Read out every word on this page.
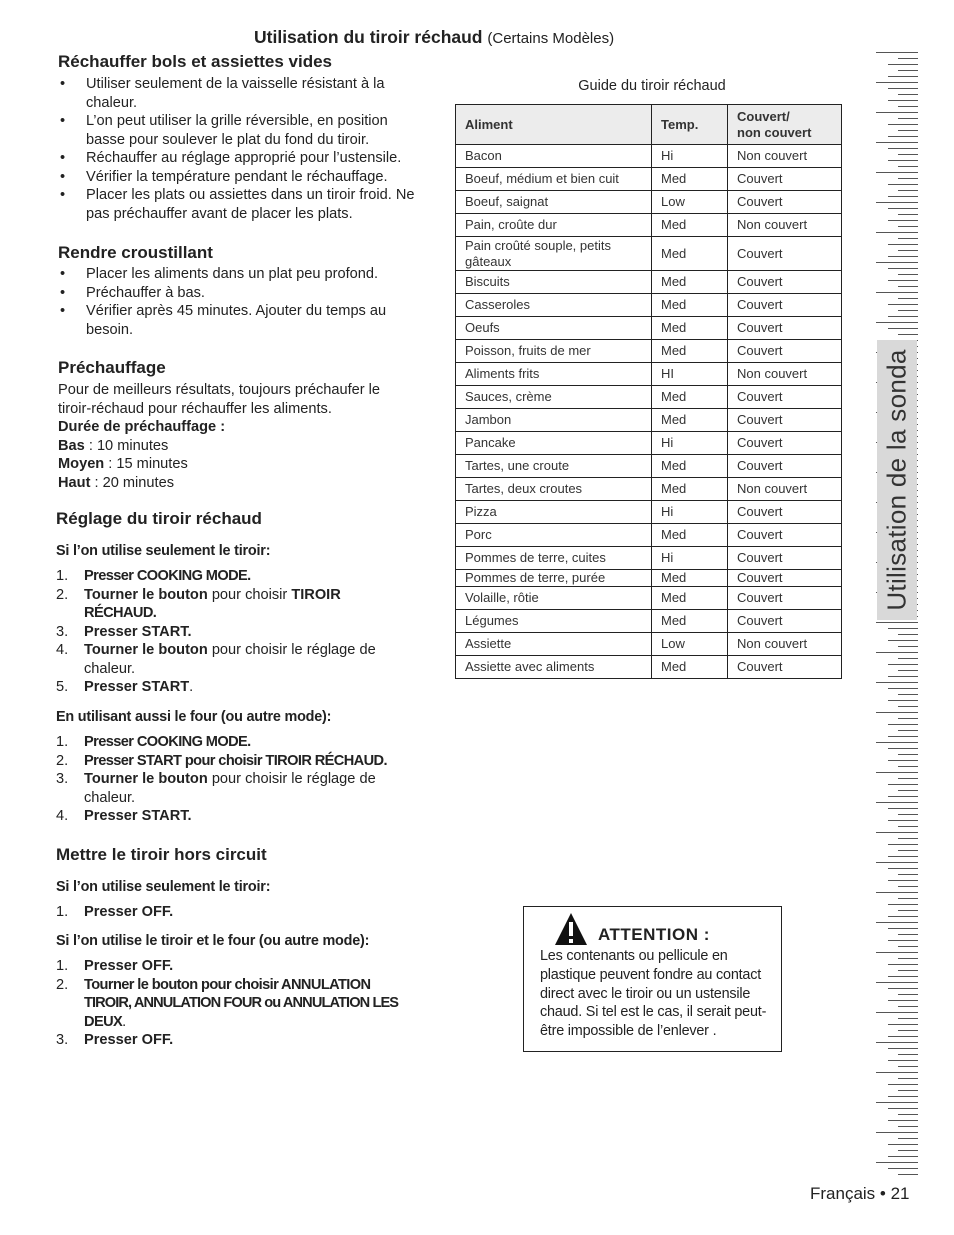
Utilisation du tiroir réchaud (Certains Modèles)
Réchauffer bols et assiettes vides
• Utiliser seulement de la vaisselle résistant à la
chaleur.
• L’on peut utiliser la grille réversible, en position
basse pour soulever le plat du fond du tiroir.
• Réchauffer au réglage approprié pour l’ustensile.
• Vérifier la température pendant le réchauffage.
• Placer les plats ou assiettes dans un tiroir froid. Ne
pas préchauffer avant de placer les plats.
Rendre croustillant
• Placer les aliments dans un plat peu profond.
• Préchauffer à bas.
• Vérifier après 45 minutes. Ajouter du temps au
besoin.
Préchauffage
Pour de meilleurs résultats, toujours préchaufer le
tiroir-réchaud pour réchauffer les aliments.
Durée de préchauffage :
Bas : 10 minutes
Moyen : 15 minutes
Haut : 20 minutes
Réglage du tiroir réchaud
Si l’on utilise seulement le tiroir:
1. Presser COOKING MODE.
2. Tourner le bouton pour choisir TIROIR
RÉCHAUD.
3. Presser START.
4. Tourner le bouton pour choisir le réglage de
chaleur.
5. Presser START.
En utilisant aussi le four (ou autre mode):
1. Presser COOKING MODE.
2. Presser START pour choisir TIROIR RÉCHAUD.
3. Tourner le bouton pour choisir le réglage de
chaleur.
4. Presser START.
Mettre le tiroir hors circuit
Si l’on utilise seulement le tiroir:
1. Presser OFF.
Si l’on utilise le tiroir et le four (ou autre mode):
1. Presser OFF.
2. Tourner le bouton pour choisir ANNULATION
TIROIR, ANNULATION FOUR ou ANNULATION LES
DEUX.
3. Presser OFF.
Guide du tiroir réchaud
Aliment	Temp.	Couvert/
non couvert
Bacon	Hi	Non couvert
Boeuf, médium et bien cuit	Med	Couvert
Boeuf, saignat	Low	Couvert
Pain, croûte dur	Med	Non couvert
Pain croûté souple, petits
gâteaux	Med	Couvert
Biscuits	Med	Couvert
Casseroles	Med	Couvert
Oeufs	Med	Couvert
Poisson, fruits de mer	Med	Couvert
Aliments frits	HI	Non couvert
Sauces, crème	Med	Couvert
Jambon	Med	Couvert
Pancake	Hi	Couvert
Tartes, une croute	Med	Couvert
Tartes, deux croutes	Med	Non couvert
Pizza	Hi	Couvert
Porc	Med	Couvert
Pommes de terre, cuites	Hi	Couvert
Pommes de terre, purée	Med	Couvert
Volaille, rôtie	Med	Couvert
Légumes	Med	Couvert
Assiette	Low	Non couvert
Assiette avec aliments	Med	Couvert
Utilisation de la sonda
ATTENTION :
Les contenants ou pellicule en
plastique peuvent fondre au contact
direct avec le tiroir ou un ustensile
chaud. Si tel est le cas, il serait peut-
être impossible de l’enlever .
Français • 21
